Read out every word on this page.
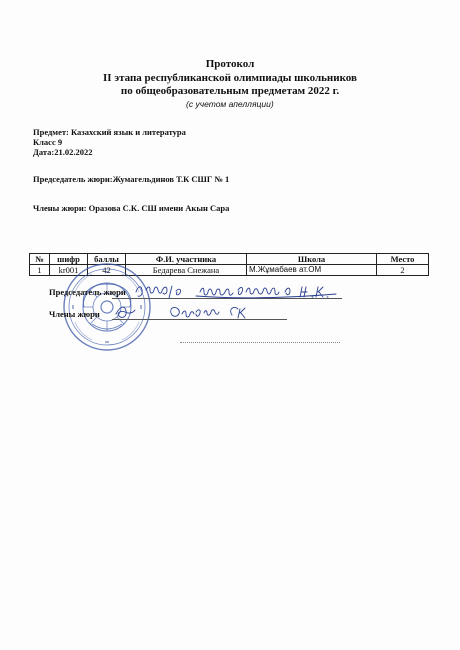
Протокол
II этапа республиканской олимпиады школьников
по общеобразовательным предметам 2022 г.
(с учетом апелляции)
Предмет: Казахский язык и литература
Класс 9
Дата:21.02.2022
Председатель жюри:Жумагельдинов Т.К СШГ № 1
Члены жюри: Оразова С.К. СШ имени Акын Сара
№	шифр	баллы	Ф.И. участника	Школа	Место
1	kr001	42	Бедарева Снежана	М.Жұмабаев ат.ОМ	2
Председатель жюри
Члены жюри
